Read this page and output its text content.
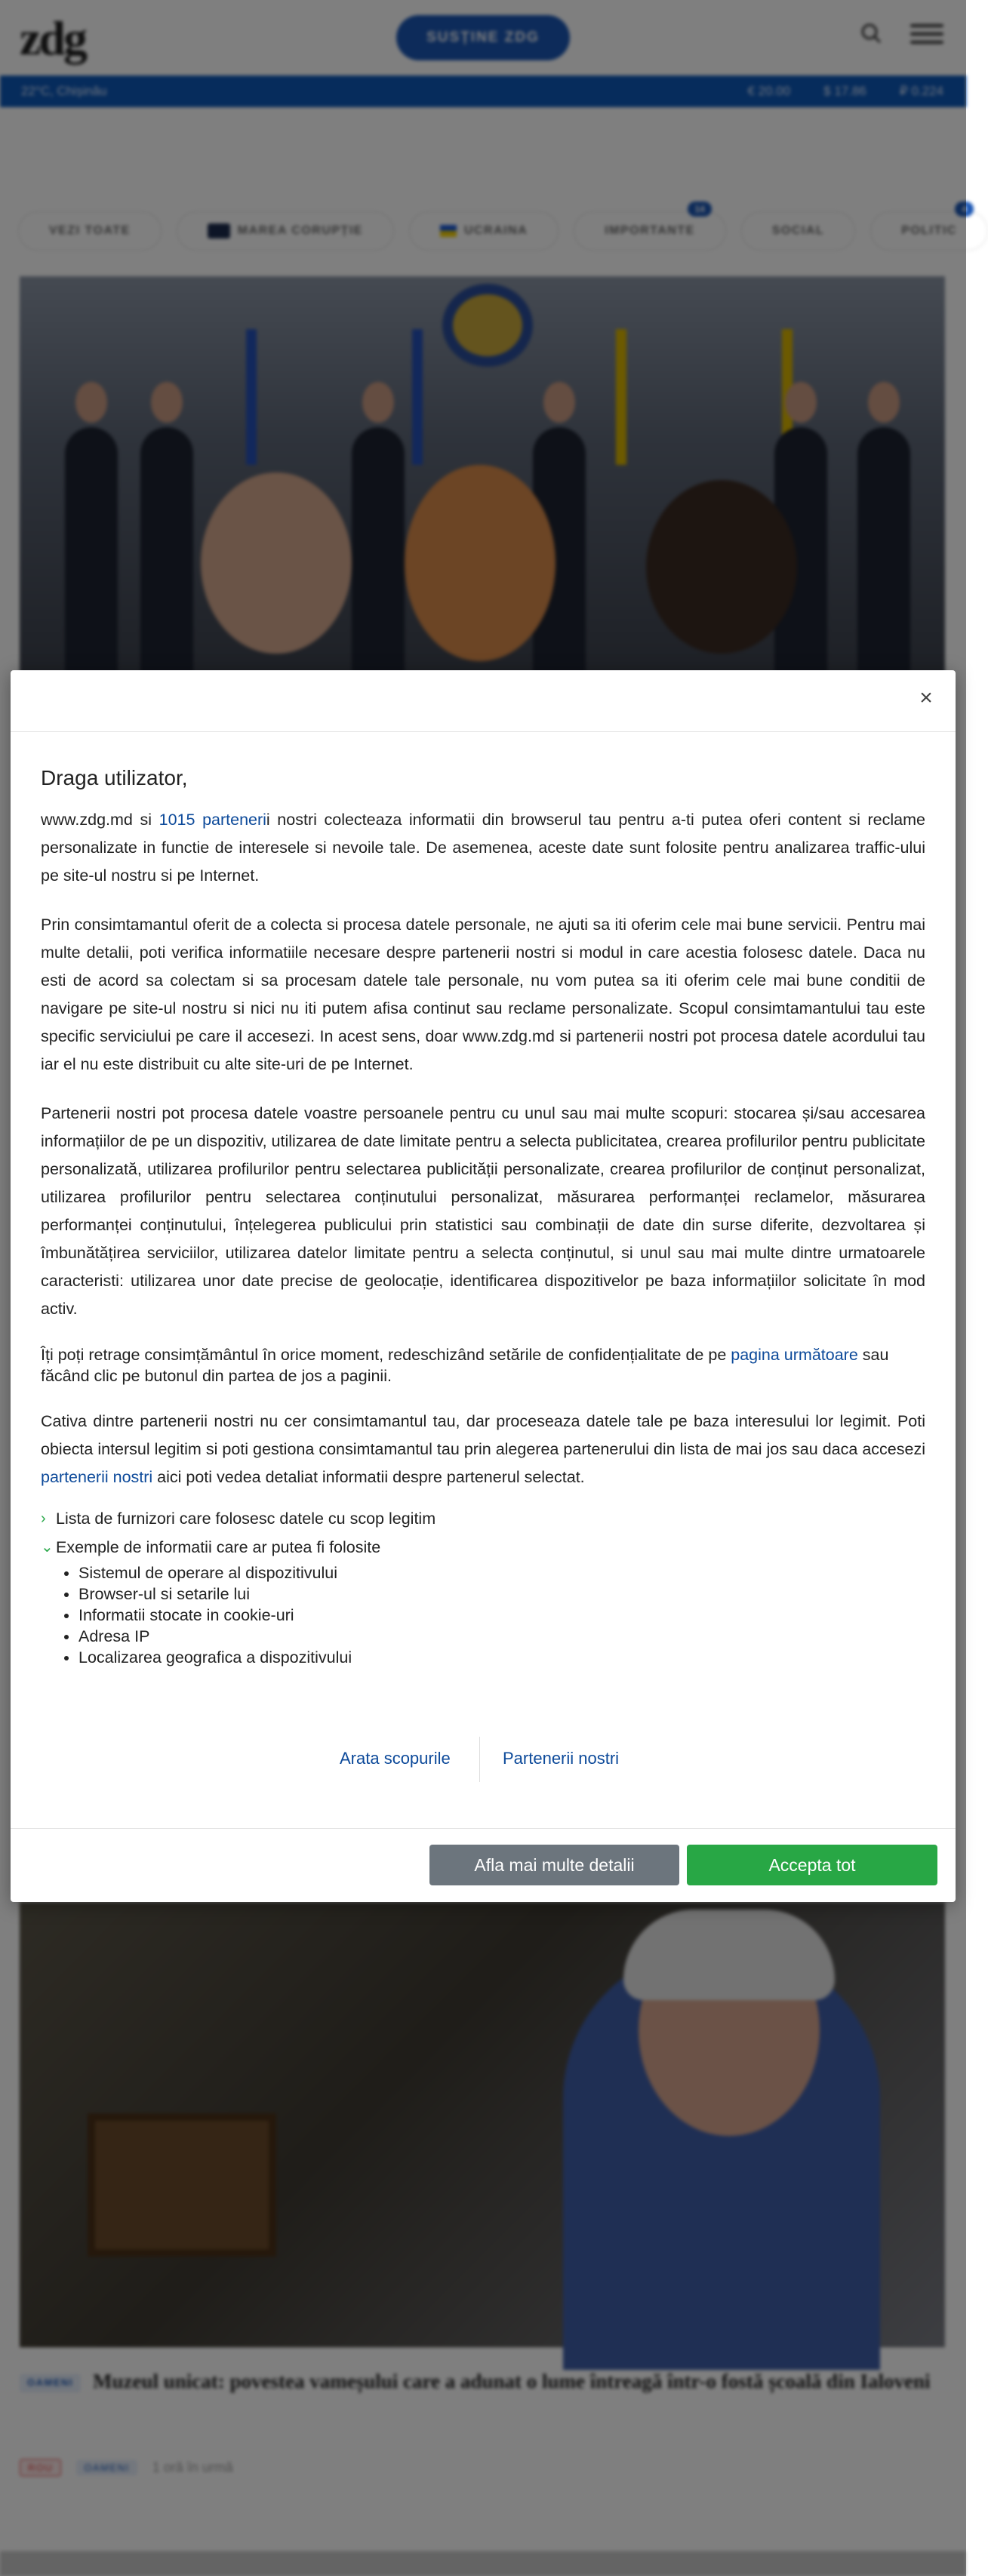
×
Draga utilizator,

www.zdg.md si 1015 partenerii nostri colecteaza informatii din browserul tau pentru a-ti putea oferi content si reclame personalizate in functie de interesele si nevoile tale. De asemenea, aceste date sunt folosite pentru analizarea traffic-ului pe site-ul nostru si pe Internet.

Prin consimtamantul oferit de a colecta si procesa datele personale, ne ajuti sa iti oferim cele mai bune servicii. Pentru mai multe detalii, poti verifica informatiile necesare despre partenerii nostri si modul in care acestia folosesc datele. Daca nu esti de acord sa colectam si sa procesam datele tale personale, nu vom putea sa iti oferim cele mai bune conditii de navigare pe site-ul nostru si nici nu iti putem afisa continut sau reclame personalizate. Scopul consimtamantului tau este specific serviciului pe care il accesezi. In acest sens, doar www.zdg.md si partenerii nostri pot procesa datele acordului tau iar el nu este distribuit cu alte site-uri de pe Internet.

Partenerii nostri pot procesa datele voastre persoanele pentru cu unul sau mai multe scopuri: stocarea și/sau accesarea informațiilor de pe un dispozitiv, utilizarea de date limitate pentru a selecta publicitatea, crearea profilurilor pentru publicitate personalizată, utilizarea profilurilor pentru selectarea publicității personalizate, crearea profilurilor de conținut personalizat, utilizarea profilurilor pentru selectarea conținutului personalizat, măsurarea performanței reclamelor, măsurarea performanței conținutului, înțelegerea publicului prin statistici sau combinații de date din surse diferite, dezvoltarea și îmbunătățirea serviciilor, utilizarea datelor limitate pentru a selecta conținutul, si unul sau mai multe dintre urmatoarele caracteristi: utilizarea unor date precise de geolocație, identificarea dispozitivelor pe baza informațiilor solicitate în mod activ.

Îți poți retrage consimțământul în orice moment, redeschizând setările de confidențialitate de pe pagina următoare sau făcând clic pe butonul din partea de jos a paginii.

Cativa dintre partenerii nostri nu cer consimtamantul tau, dar proceseaza datele tale pe baza interesului lor legimit. Poti obiecta intersul legitim si poti gestiona consimtamantul tau prin alegerea partenerului din lista de mai jos sau daca accesezi partenerii nostri aici poti vedea detaliat informatii despre partenerul selectat.

› Lista de furnizori care folosesc datele cu scop legitim
⌄ Exemple de informatii care ar putea fi folosite
• Sistemul de operare al dispozitivului
• Browser-ul si setarile lui
• Informatii stocate in cookie-uri
• Adresa IP
• Localizarea geografica a dispozitivului
Arata scopurile	Partenerii nostri
Afla mai multe detalii	Accepta tot
